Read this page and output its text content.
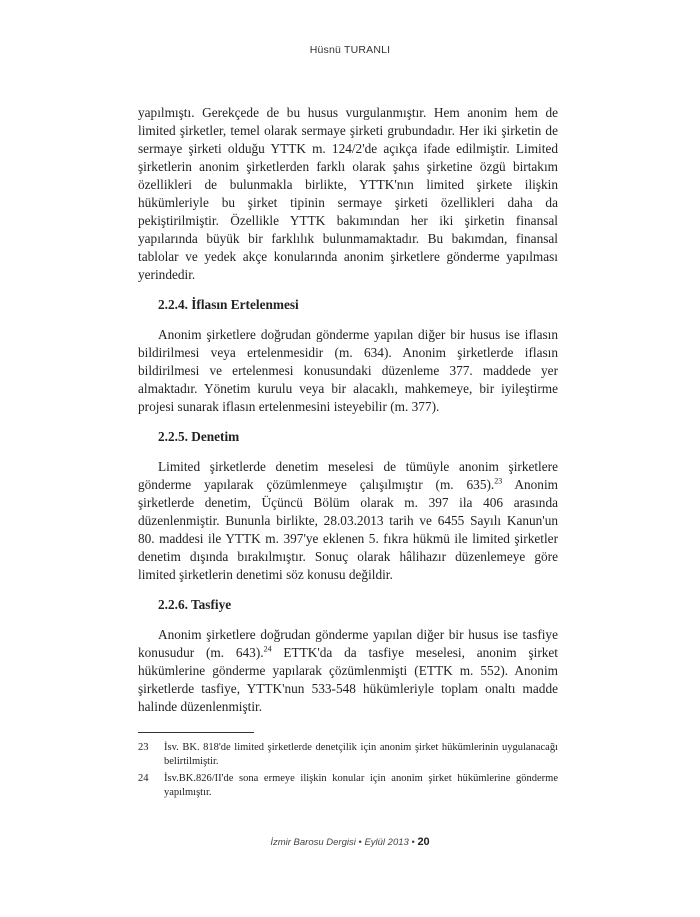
Hüsnü TURANLI

yapılmıştı. Gerekçede de bu husus vurgulanmıştır. Hem anonim hem de limited şirketler, temel olarak sermaye şirketi grubundadır. Her iki şirketin de sermaye şirketi olduğu YTTK m. 124/2'de açıkça ifade edilmiştir. Limited şirketlerin anonim şirketlerden farklı olarak şahıs şirketine özgü birtakım özellikleri de bulunmakla birlikte, YTTK'nın limited şirkete ilişkin hükümleriyle bu şirket tipinin sermaye şirketi özellikleri daha da pekiştirilmiştir. Özellikle YTTK bakımından her iki şirketin finansal yapılarında büyük bir farklılık bulunmamaktadır. Bu bakımdan, finansal tablolar ve yedek akçe konularında anonim şirketlere gönderme yapılması yerindedir.

2.2.4. İflasın Ertelenmesi

Anonim şirketlere doğrudan gönderme yapılan diğer bir husus ise iflasın bildirilmesi veya ertelenmesidir (m. 634). Anonim şirketlerde iflasın bildirilmesi ve ertelenmesi konusundaki düzenleme 377. maddede yer almaktadır. Yönetim kurulu veya bir alacaklı, mahkemeye, bir iyileştirme projesi sunarak iflasın ertelenmesini isteyebilir (m. 377).

2.2.5. Denetim

Limited şirketlerde denetim meselesi de tümüyle anonim şirketlere gönderme yapılarak çözümlenmeye çalışılmıştır (m. 635).$^{23}$ Anonim şirketlerde denetim, Üçüncü Bölüm olarak m. 397 ila 406 arasında düzenlenmiştir. Bununla birlikte, 28.03.2013 tarih ve 6455 Sayılı Kanun'un 80. maddesi ile YTTK m. 397'ye eklenen 5. fıkra hükmü ile limited şirketler denetim dışında bırakılmıştır. Sonuç olarak hâlihazır düzenlemeye göre limited şirketlerin denetimi söz konusu değildir.

2.2.6. Tasfiye

Anonim şirketlere doğrudan gönderme yapılan diğer bir husus ise tasfiye konusudur (m. 643).$^{24}$ ETTK'da da tasfiye meselesi, anonim şirket hükümlerine gönderme yapılarak çözümlenmişti (ETTK m. 552). Anonim şirketlerde tasfiye, YTTK'nun 533-548 hükümleriyle toplam onaltı madde halinde düzenlenmiştir.

23	İsv. BK. 818'de limited şirketlerde denetçilik için anonim şirket hükümlerinin uygulanacağı belirtilmiştir.
24	İsv.BK.826/II'de sona ermeye ilişkin konular için anonim şirket hükümlerine gönderme yapılmıştır.
İzmir Barosu Dergisi • Eylül 2013 • 20
